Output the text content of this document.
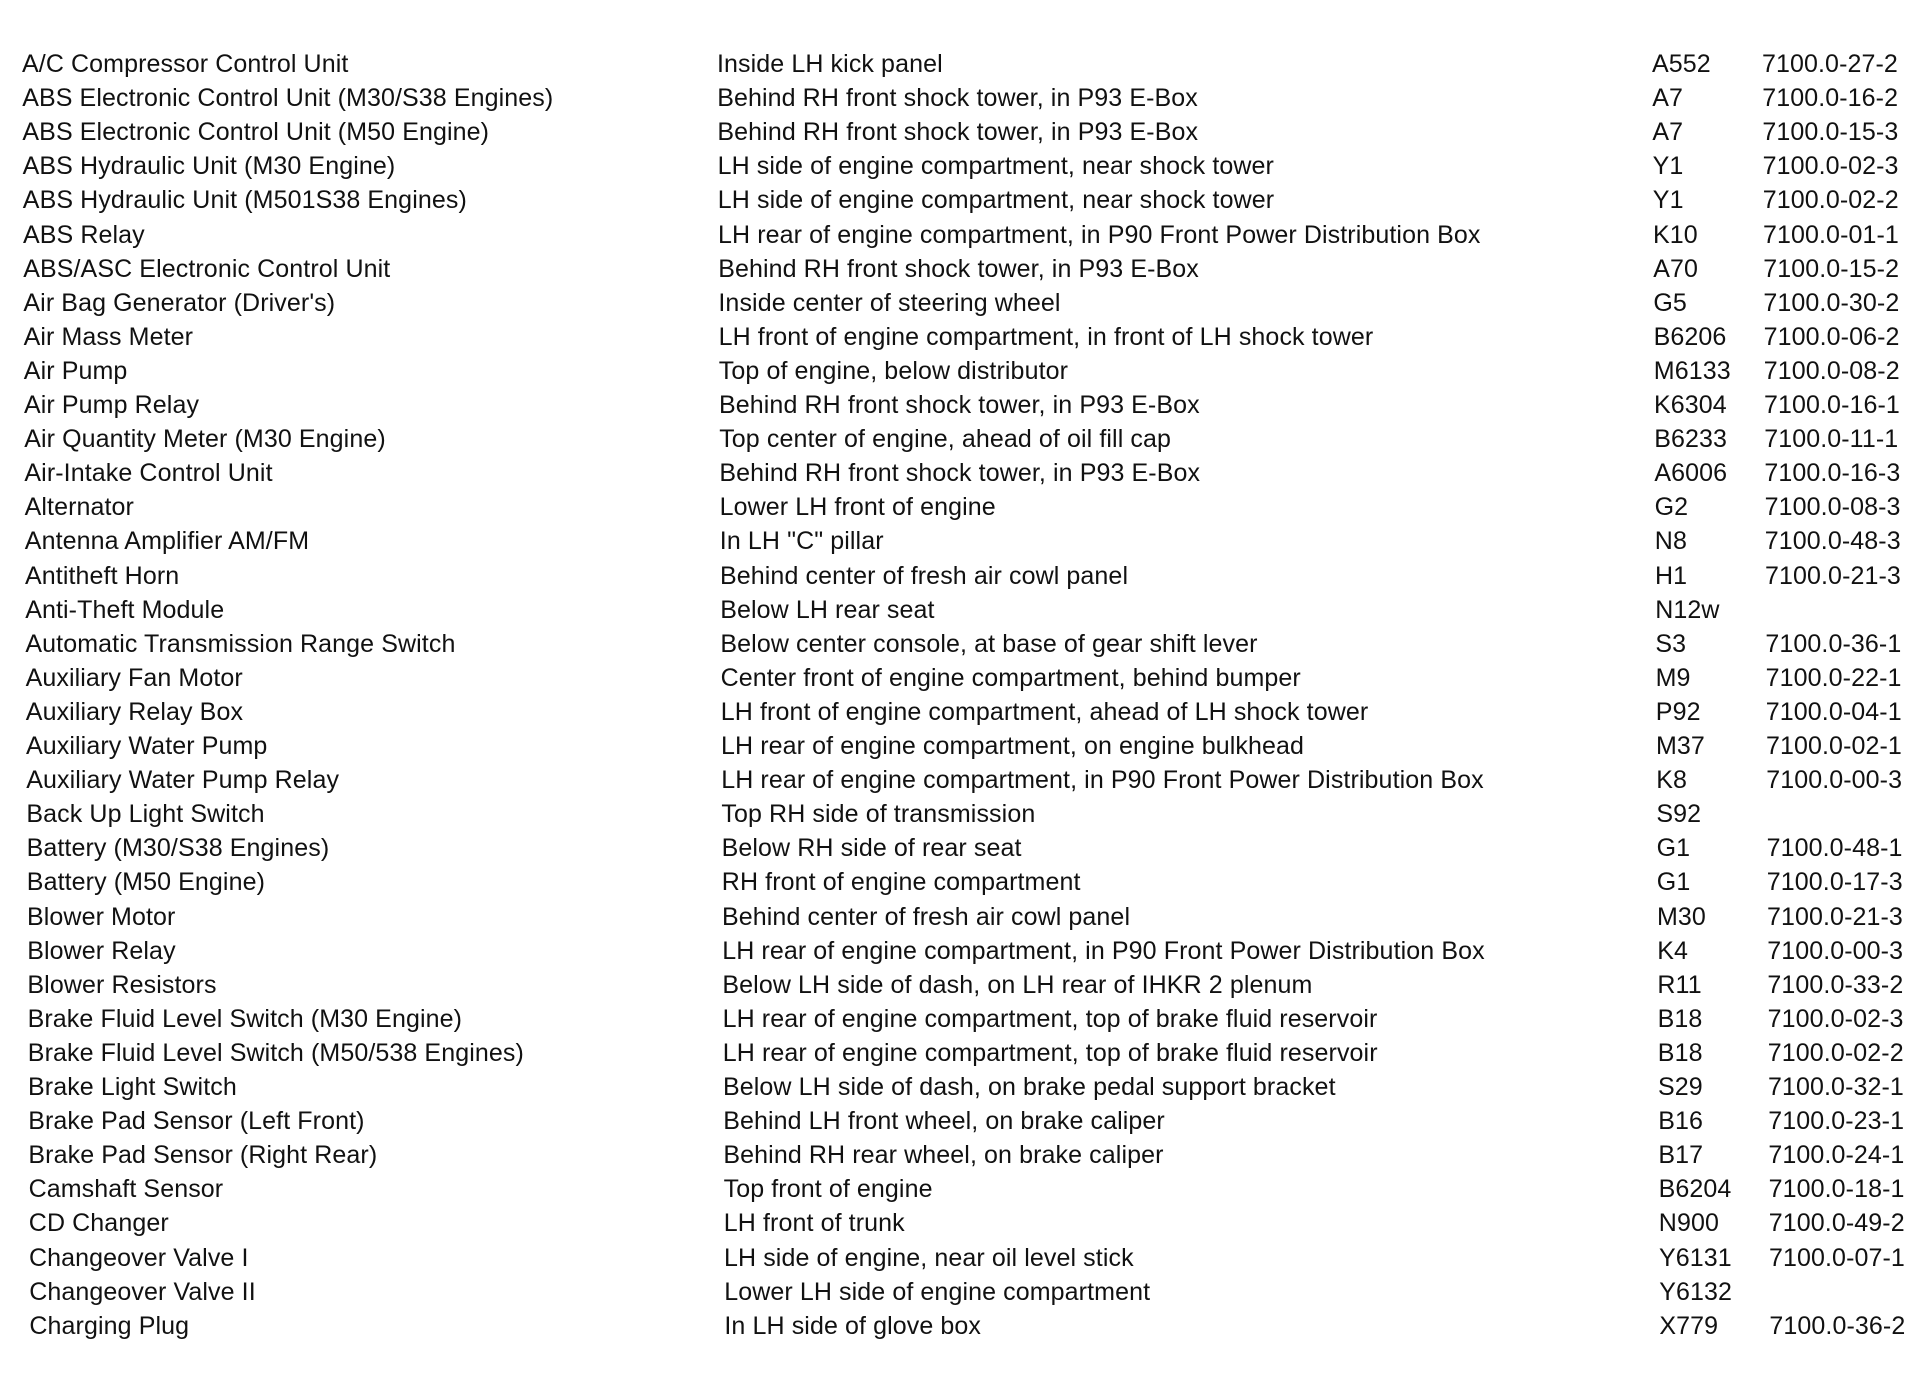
A/C Compressor Control Unit	Inside LH kick panel	A552 7100.0-27-2
ABS Electronic Control Unit (M30/S38 Engines)	Behind RH front shock tower, in P93 E-Box	A7	7100.0-16-2
ABS Electronic Control Unit (M50 Engine)	Behind RH front shock tower, in P93 E-Box	A7	7100.0-15-3
ABS Hydraulic Unit (M30 Engine)	LH side of engine compartment, near shock tower	Y1	7100.0-02-3
ABS Hydraulic Unit (M501S38 Engines)	LH side of engine compartment, near shock tower	Y1	7100.0-02-2
ABS Relay	LH rear of engine compartment, in P90 Front Power Distribution Box	K10	7100.0-01-1
ABS/ASC Electronic Control Unit	Behind RH front shock tower, in P93 E-Box	A70	7100.0-15-2
Air Bag Generator (Driver's)	Inside center of steering wheel	G5	7100.0-30-2
Air Mass Meter	LH front of engine compartment, in front of LH shock tower	B6206 7100.0-06-2
Air Pump	Top of engine, below distributor	M6133 7100.0-08-2
Air Pump Relay	Behind RH front shock tower, in P93 E-Box	K6304 7100.0-16-1
Air Quantity Meter (M30 Engine)	Top center of engine, ahead of oil fill cap	B6233 7100.0-11-1
Air-Intake Control Unit	Behind RH front shock tower, in P93 E-Box	A6006 7100.0-16-3
Alternator	Lower LH front of engine	G2	7100.0-08-3
Antenna Amplifier AM/FM	In LH "C" pillar	N8	7100.0-48-3
Antitheft Horn	Behind center of fresh air cowl panel	H1	7100.0-21-3
Anti-Theft Module	Below LH rear seat	N12w
Automatic Transmission Range Switch	Below center console, at base of gear shift lever	S3	7100.0-36-1
Auxiliary Fan Motor	Center front of engine compartment, behind bumper	M9	7100.0-22-1
Auxiliary Relay Box	LH front of engine compartment, ahead of LH shock tower	P92	7100.0-04-1
Auxiliary Water Pump	LH rear of engine compartment, on engine bulkhead	M37 7100.0-02-1
Auxiliary Water Pump Relay	LH rear of engine compartment, in P90 Front Power Distribution Box	K8	7100.0-00-3
Back Up Light Switch	Top RH side of transmission	S92
Battery (M30/S38 Engines)	Below RH side of rear seat	G1	7100.0-48-1
Battery (M50 Engine)	RH front of engine compartment	G1	7100.0-17-3
Blower Motor	Behind center of fresh air cowl panel	M30 7100.0-21-3
Blower Relay	LH rear of engine compartment, in P90 Front Power Distribution Box	K4	7100.0-00-3
Blower Resistors	Below LH side of dash, on LH rear of IHKR 2 plenum	R11	7100.0-33-2
Brake Fluid Level Switch (M30 Engine)	LH rear of engine compartment, top of brake fluid reservoir	B18	7100.0-02-3
Brake Fluid Level Switch (M50/538 Engines)	LH rear of engine compartment, top of brake fluid reservoir	B18	7100.0-02-2
Brake Light Switch	Below LH side of dash, on brake pedal support bracket	S29	7100.0-32-1
Brake Pad Sensor (Left Front)	Behind LH front wheel, on brake caliper	B16	7100.0-23-1
Brake Pad Sensor (Right Rear)	Behind RH rear wheel, on brake caliper	B17	7100.0-24-1
Camshaft Sensor	Top front of engine	B6204 7100.0-18-1
CD Changer	LH front of trunk	N900 7100.0-49-2
Changeover Valve I	LH side of engine, near oil level stick	Y6131 7100.0-07-1
Changeover Valve II	Lower LH side of engine compartment	Y6132
Charging Plug	In LH side of glove box	X779 7100.0-36-2
